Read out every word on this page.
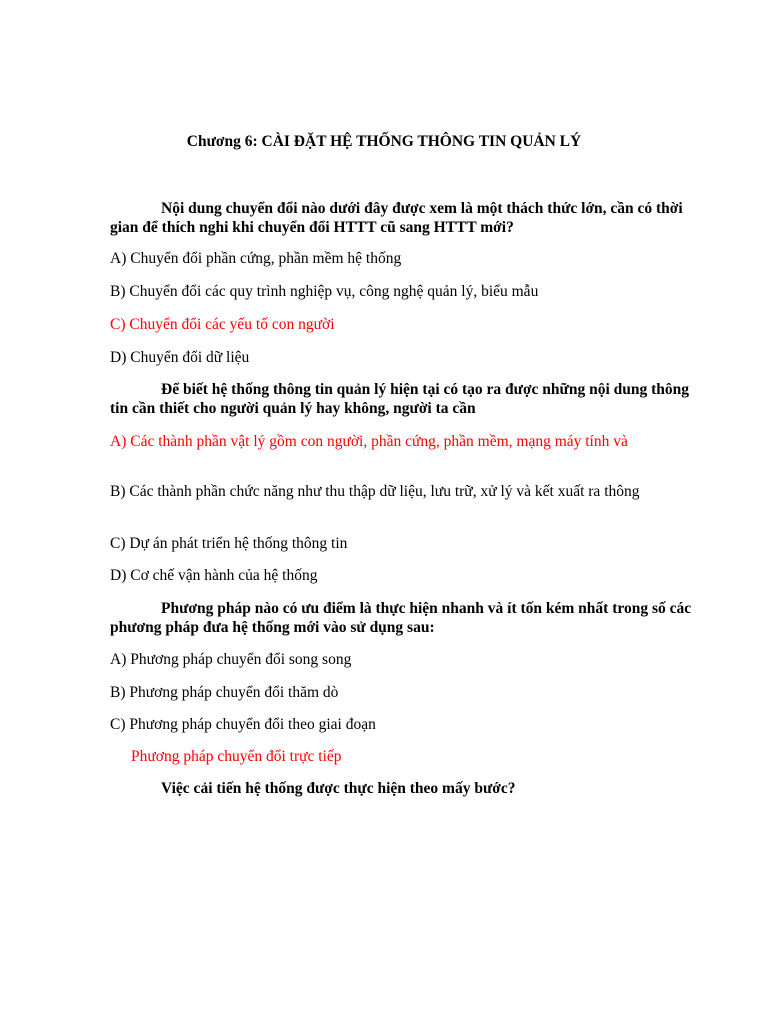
Chương 6: CÀI ĐẶT HỆ THỐNG THÔNG TIN QUẢN LÝ
Nội dung chuyển đổi nào dưới đây được xem là một thách thức lớn, cần có thời gian để thích nghi khi chuyển đổi HTTT cũ sang HTTT mới?
A) Chuyển đổi phần cứng, phần mềm hệ thống
B) Chuyển đổi các quy trình nghiệp vụ, công nghệ quản lý, biểu mẫu
C) Chuyển đổi các yếu tố con người
D) Chuyển đổi dữ liệu
Để biết hệ thống thông tin quản lý hiện tại có tạo ra được những nội dung thông tin cần thiết cho người quản lý hay không, người ta cần
A) Các thành phần vật lý gồm con người, phần cứng, phần mềm, mạng máy tính và
B) Các thành phần chức năng như thu thập dữ liệu, lưu trữ, xử lý và kết xuất ra thông
C) Dự án phát triển hệ thống thông tin
D) Cơ chế vận hành của hệ thống
Phương pháp nào có ưu điểm là thực hiện nhanh và ít tốn kém nhất trong số các phương pháp đưa hệ thống mới vào sử dụng sau:
A) Phương pháp chuyển đổi song song
B) Phương pháp chuyển đổi thăm dò
C) Phương pháp chuyển đổi theo giai đoạn
Phương pháp chuyển đổi trực tiếp
Việc cải tiến hệ thống được thực hiện theo mấy bước?
